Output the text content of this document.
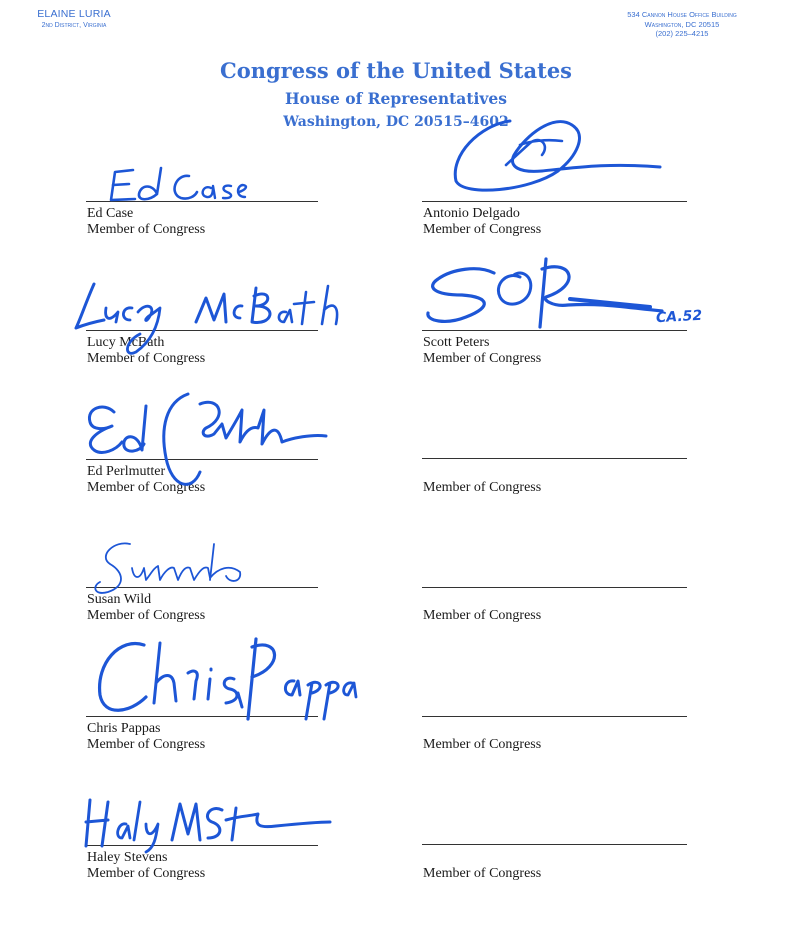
ELAINE LURIA
2nd District, Virginia
534 Cannon House Office Building
Washington, DC 20515
(202) 225–4215
Congress of the United States
House of Representatives
Washington, DC 20515–4602
Ed Case
Member of Congress
Lucy McBath
Member of Congress
Ed Perlmutter
Member of Congress
Susan Wild
Member of Congress
Chris Pappas
Member of Congress
Haley Stevens
Member of Congress
Antonio Delgado
Member of Congress
Scott Peters
Member of Congress
Member of Congress
Member of Congress
Member of Congress
Member of Congress
CA.52
